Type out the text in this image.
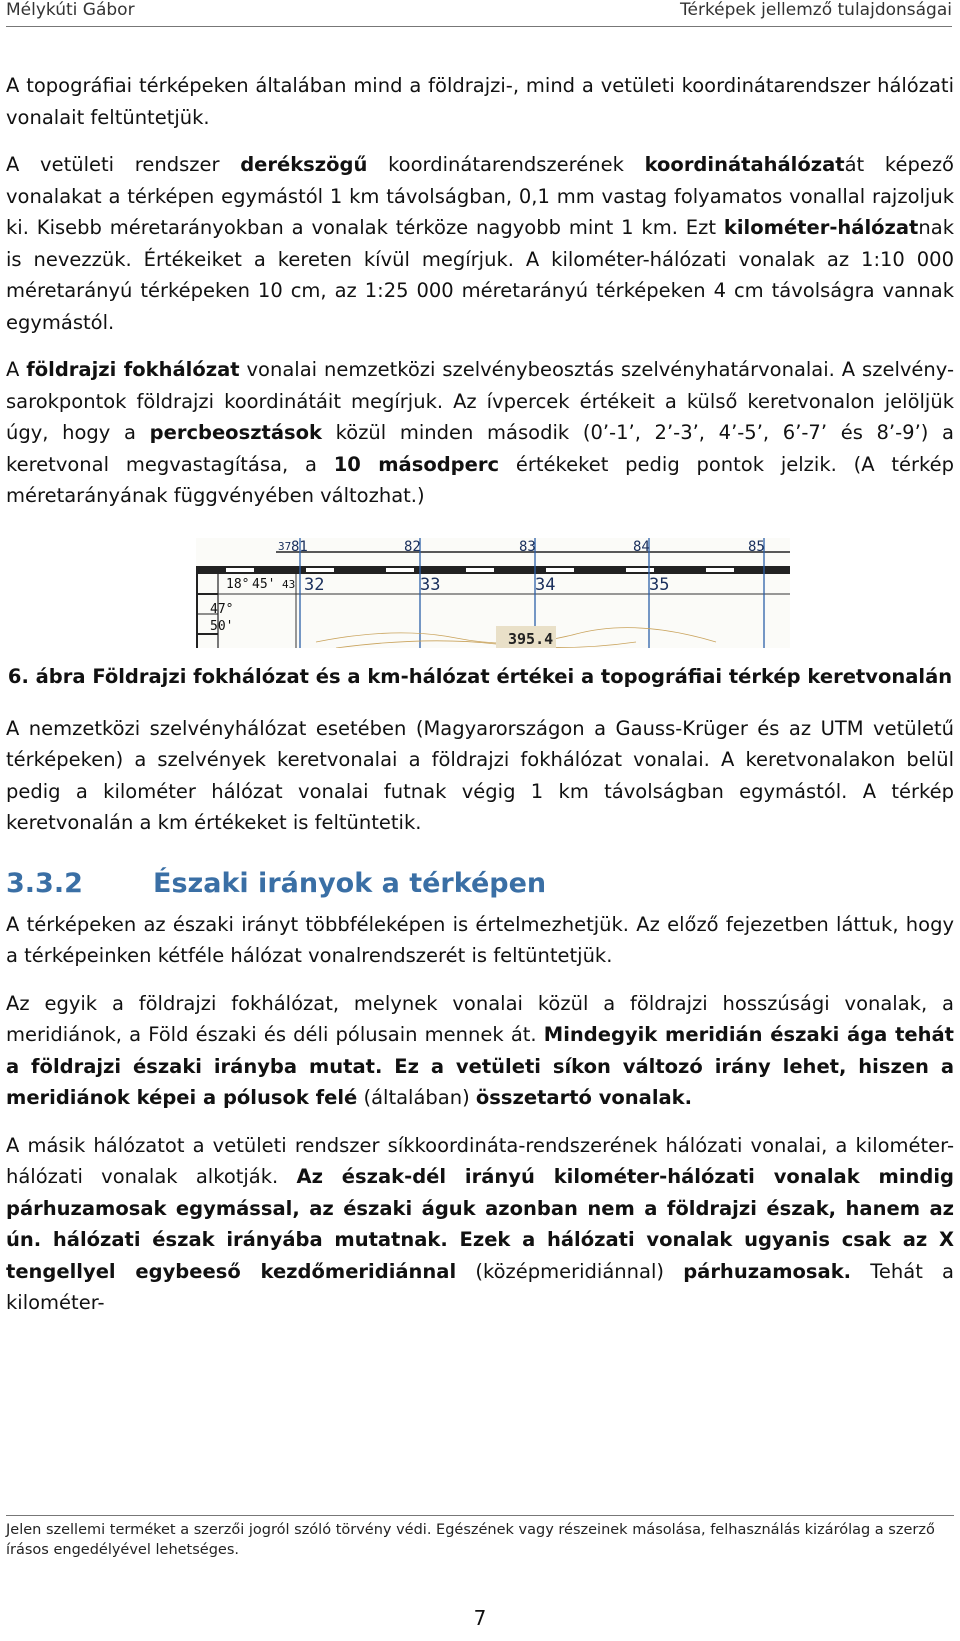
Mélykúti Gábor	Térképek jellemző tulajdonságai

A topográfiai térképeken általában mind a földrajzi-, mind a vetületi koordinátarendszer hálózati vonalait feltüntetjük.

A vetületi rendszer derékszögű koordinátarendszerének koordinátahálózatát képező vonalakat a térképen egymástól 1 km távolságban, 0,1 mm vastag folyamatos vonallal rajzoljuk ki. Kisebb méretarányokban a vonalak térköze nagyobb mint 1 km. Ezt kilométer-hálózatnak is nevezzük. Értékeiket a kereten kívül megírjuk. A kilométer-hálózati vonalak az 1:10 000 méretarányú térképeken 10 cm, az 1:25 000 méretarányú térképeken 4 cm távolságra vannak egymástól.

A földrajzi fokhálózat vonalai nemzetközi szelvénybeosztás szelvényhatárvonalai. A szelvény-sarokpontok földrajzi koordinátáit megírjuk. Az ívpercek értékeit a külső keretvonalon jelöljük úgy, hogy a percbeosztások közül minden második (0’-1’, 2’-3’, 4’-5’, 6’-7’ és 8’-9’) a keretvonal megvastagítása, a 10 másodperc értékeket pedig pontok jelzik. (A térkép méretarányának függvényében változhat.)

37 81	82	83	84	85
32	33	34	35
18° 45' 43
47°
50'
395.4

6. ábra Földrajzi fokhálózat és a km-hálózat értékei a topográfiai térkép keretvonalán

A nemzetközi szelvényhálózat esetében (Magyarországon a Gauss-Krüger és az UTM vetületű térképeken) a szelvények keretvonalai a földrajzi fokhálózat vonalai. A keretvonalakon belül pedig a kilométer hálózat vonalai futnak végig 1 km távolságban egymástól. A térkép keretvonalán a km értékeket is feltüntetik.

3.3.2	Északi irányok a térképen

A térképeken az északi irányt többféleképen is értelmezhetjük. Az előző fejezetben láttuk, hogy a térképeinken kétféle hálózat vonalrendszerét is feltüntetjük.

Az egyik a földrajzi fokhálózat, melynek vonalai közül a földrajzi hosszúsági vonalak, a meridiánok, a Föld északi és déli pólusain mennek át. Mindegyik meridián északi ága tehát a földrajzi északi irányba mutat. Ez a vetületi síkon változó irány lehet, hiszen a meridiánok képei a pólusok felé (általában) összetartó vonalak.

A másik hálózatot a vetületi rendszer síkkoordináta-rendszerének hálózati vonalai, a kilométer-hálózati vonalak alkotják. Az észak-dél irányú kilométer-hálózati vonalak mindig párhuzamosak egymással, az északi águk azonban nem a földrajzi észak, hanem az ún. hálózati észak irányába mutatnak. Ezek a hálózati vonalak ugyanis csak az X tengellyel egybeeső kezdőmeridiánnal (középmeridiánnal) párhuzamosak. Tehát a kilométer-

Jelen szellemi terméket a szerzői jogról szóló törvény védi. Egészének vagy részeinek másolása, felhasználás kizárólag a szerző írásos engedélyével lehetséges.
7
